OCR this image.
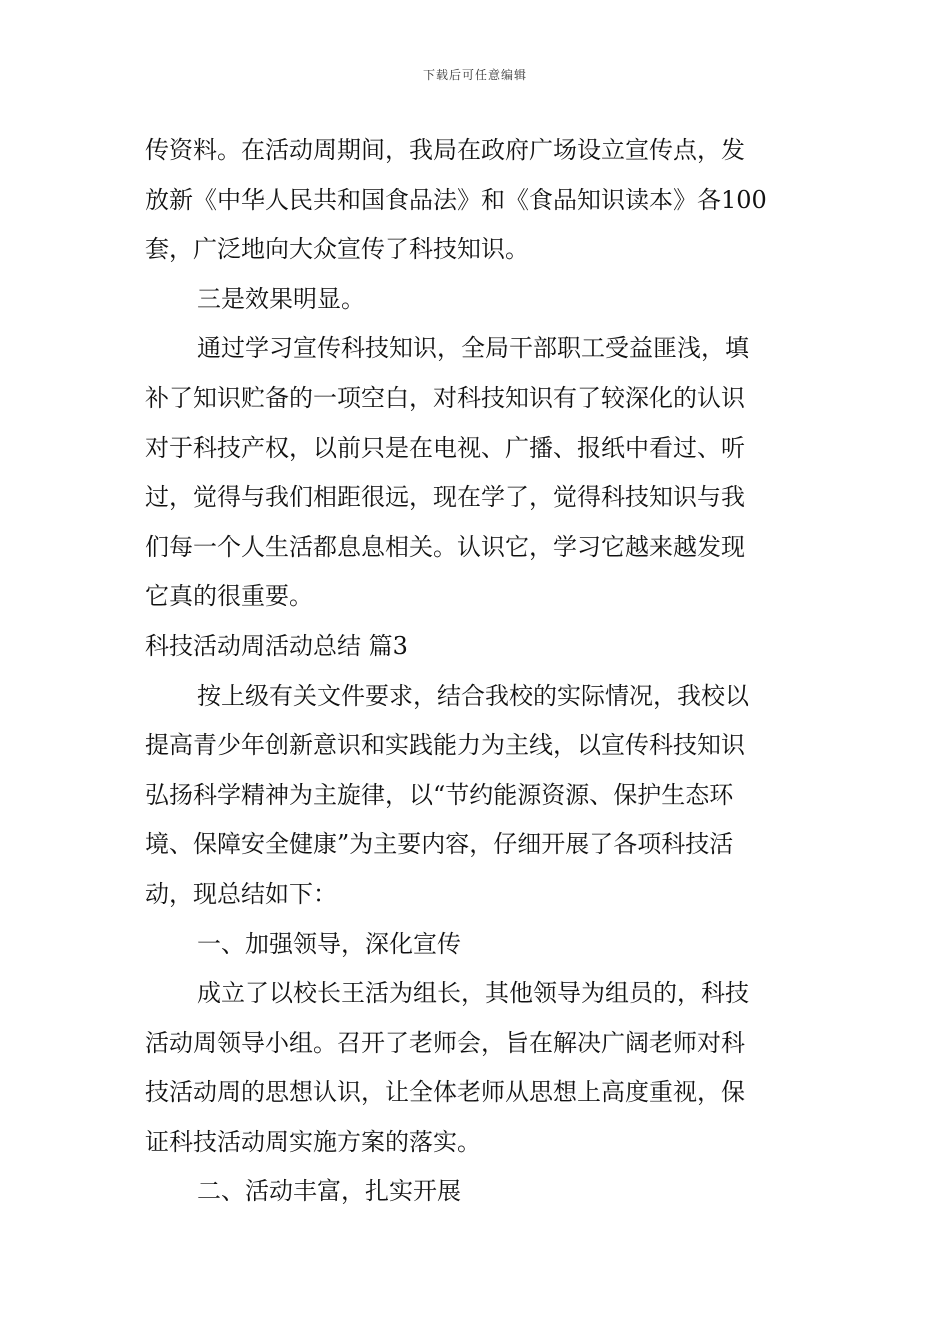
下载后可任意编辑
传资料。在活动周期间，我局在政府广场设立宣传点，发
放新《中华人民共和国食品法》和《食品知识读本》各100
套，广泛地向大众宣传了科技知识。
三是效果明显。
通过学习宣传科技知识，全局干部职工受益匪浅，填
补了知识贮备的一项空白，对科技知识有了较深化的认识
对于科技产权，以前只是在电视、广播、报纸中看过、听
过，觉得与我们相距很远，现在学了，觉得科技知识与我
们每一个人生活都息息相关。认识它，学习它越来越发现
它真的很重要。
科技活动周活动总结 篇3
按上级有关文件要求，结合我校的实际情况，我校以
提高青少年创新意识和实践能力为主线，以宣传科技知识
弘扬科学精神为主旋律，以“节约能源资源、保护生态环
境、保障安全健康”为主要内容，仔细开展了各项科技活
动，现总结如下：
一、加强领导，深化宣传
成立了以校长王活为组长，其他领导为组员的，科技
活动周领导小组。召开了老师会，旨在解决广阔老师对科
技活动周的思想认识，让全体老师从思想上高度重视，保
证科技活动周实施方案的落实。
二、活动丰富，扎实开展
